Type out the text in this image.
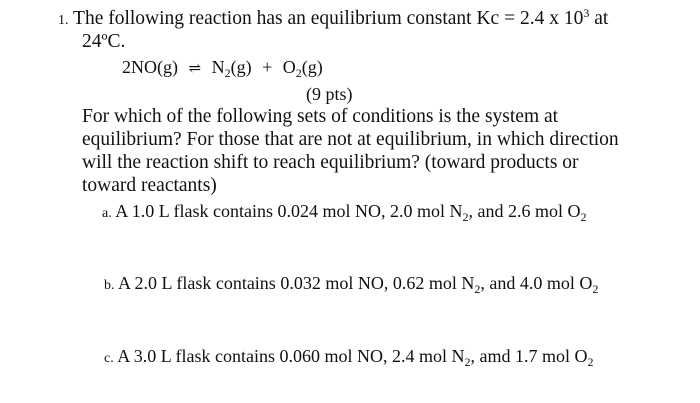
1. The following reaction has an equilibrium constant Kc = 2.4 x $10^3$ at
24ºC.
2NO(g) ⇌ $N_2(g) + O_2(g)$
(9 pts)
For which of the following sets of conditions is the system at
equilibrium? For those that are not at equilibrium, in which direction
will the reaction shift to reach equilibrium? (toward products or
toward reactants)
a. A 1.0 L flask contains 0.024 mol NO, 2.0 mol $N_2$, and 2.6 mol $O_2$
b. A 2.0 L flask contains 0.032 mol NO, 0.62 mol $N_2$, and 4.0 mol $O_2$
c. A 3.0 L flask contains 0.060 mol NO, 2.4 mol $N_2$, amd 1.7 mol $O_2$
